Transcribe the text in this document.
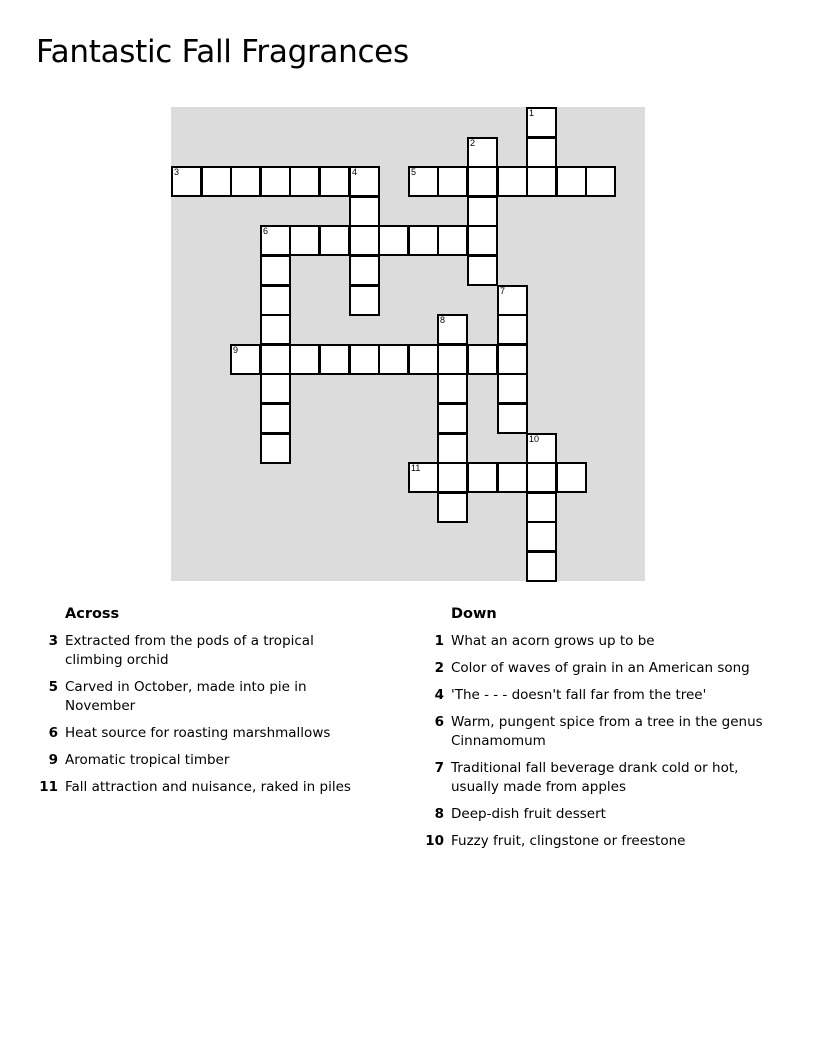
Fantastic Fall Fragrances
1
2
3	4	5
6
7
8
9
10
11
Across
3 Extracted from the pods of a tropical climbing orchid
5 Carved in October, made into pie in November
6 Heat source for roasting marshmallows
9 Aromatic tropical timber
11 Fall attraction and nuisance, raked in piles
Down
1 What an acorn grows up to be
2 Color of waves of grain in an American song
4 'The - - - doesn't fall far from the tree'
6 Warm, pungent spice from a tree in the genus Cinnamomum
7 Traditional fall beverage drank cold or hot, usually made from apples
8 Deep-dish fruit dessert
10 Fuzzy fruit, clingstone or freestone
